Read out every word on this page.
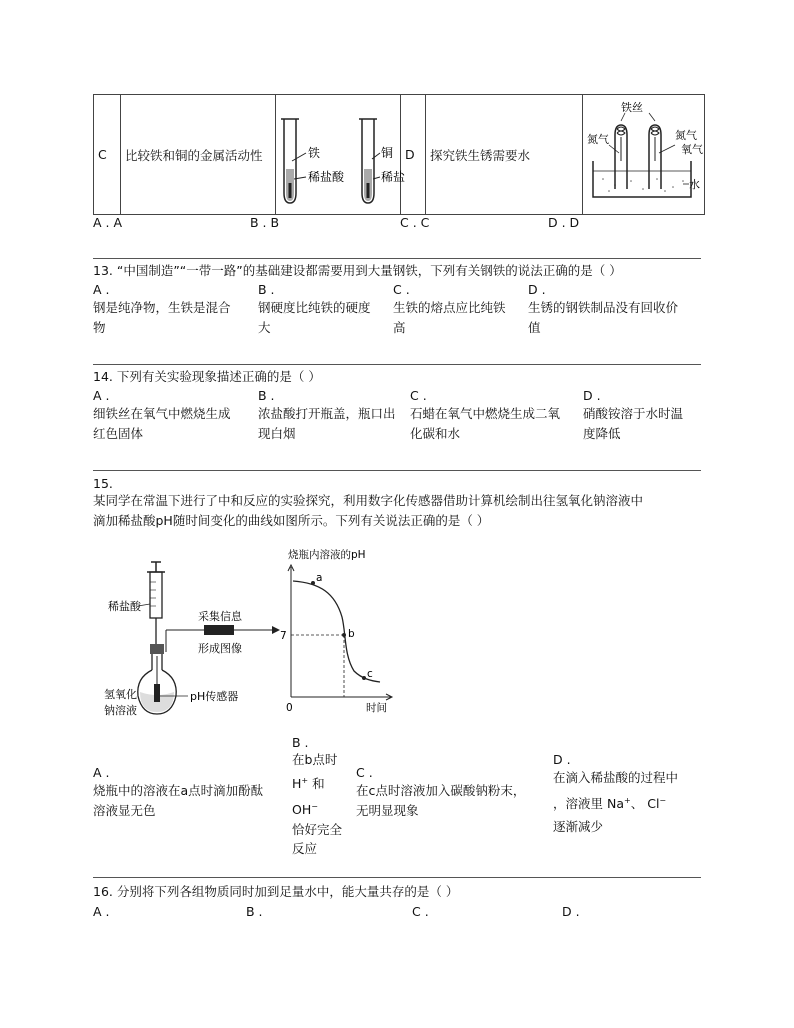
C	比较铁和铜的金属活动性	铁
稀盐酸
铜
稀盐
	D	探究铁生锈需要水	
铁丝
氮气	氮气
氧气
水
A . A	B . B	C . C	D . D
13. “中国制造”“一带一路”的基础建设都需要用到大量钢铁，下列有关钢铁的说法正确的是（ ）
A .
钢是纯净物，生铁是混合
物
B .
钢硬度比纯铁的硬度
大
C .
生铁的熔点应比纯铁
高
D .
生锈的钢铁制品没有回收价
值
14. 下列有关实验现象描述正确的是（ ）
A .
细铁丝在氧气中燃烧生成
红色固体
B .
浓盐酸打开瓶盖，瓶口出
现白烟
C .
石蜡在氧气中燃烧生成二氧
化碳和水
D .
硝酸铵溶于水时温
度降低
15.
某同学在常温下进行了中和反应的实验探究，利用数字化传感器借助计算机绘制出往氢氧化钠溶液中
滴加稀盐酸pH随时间变化的曲线如图所示。下列有关说法正确的是（ ）
稀盐酸
pH传感器
氢氧化
钠溶液
采集信息
形成图像
烧瓶内溶液的pH
a
b
c
7
0	时间
A .
烧瓶中的溶液在a点时滴加酚酞
溶液显无色
B .
在b点时
H+ 和
OH−
恰好完全
反应
C .
在c点时溶液加入碳酸钠粉末，
无明显现象
D .
在滴入稀盐酸的过程中
，溶液里 Na+、 Cl−
逐渐减少
16. 分别将下列各组物质同时加到足量水中，能大量共存的是（ ）
A .	B .	C .	D .
